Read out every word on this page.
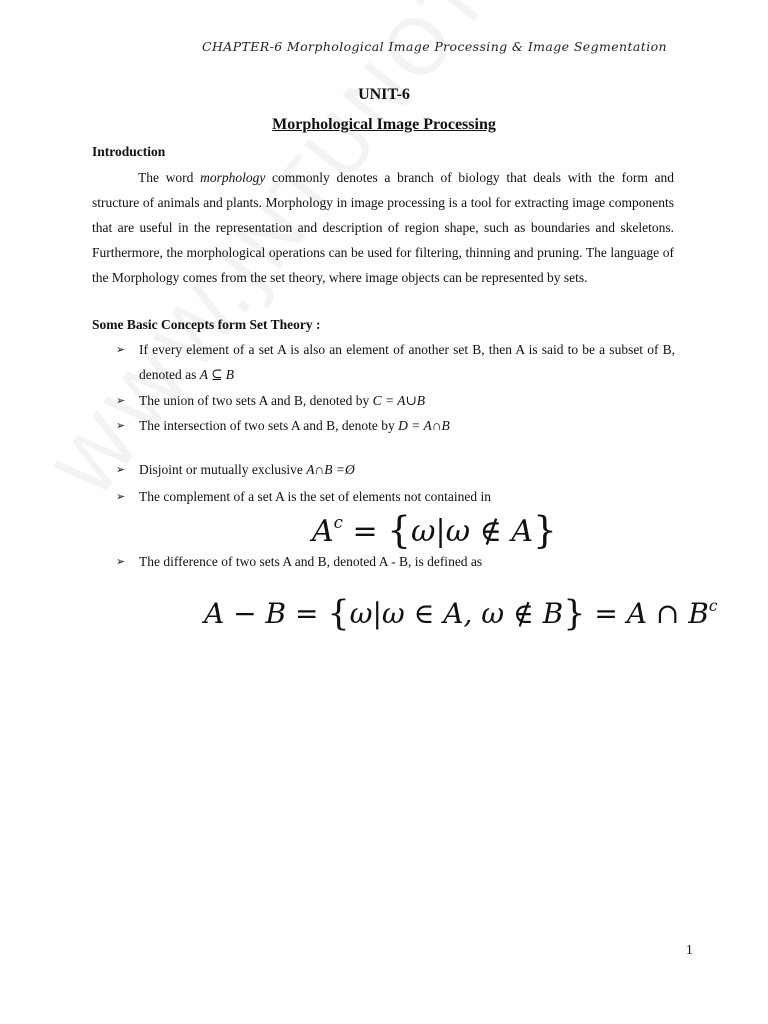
CHAPTER-6 Morphological Image Processing & Image Segmentation
UNIT-6
Morphological Image Processing
Introduction
The word morphology commonly denotes a branch of biology that deals with the form and structure of animals and plants. Morphology in image processing is a tool for extracting image components that are useful in the representation and description of region shape, such as boundaries and skeletons. Furthermore, the morphological operations can be used for filtering, thinning and pruning. The language of the Morphology comes from the set theory, where image objects can be represented by sets.
Some Basic Concepts form Set Theory :
➢	If every element of a set A is also an element of another set B, then A is said to be a subset of B, denoted as A ⊆ B
➢	The union of two sets A and B, denoted by C = A∪B
➢	The intersection of two sets A and B, denote by D = A∩B
➢	Disjoint or mutually exclusive A∩B =Ø
➢	The complement of a set A is the set of elements not contained in
$A^c = \{\omega|\omega$ ∉ A}
➢	The difference of two sets A and B, denoted A - B, is defined as
A − B = {ω|ω ∈ A, ω ∉ B} = A ∩ $B^c$
1
